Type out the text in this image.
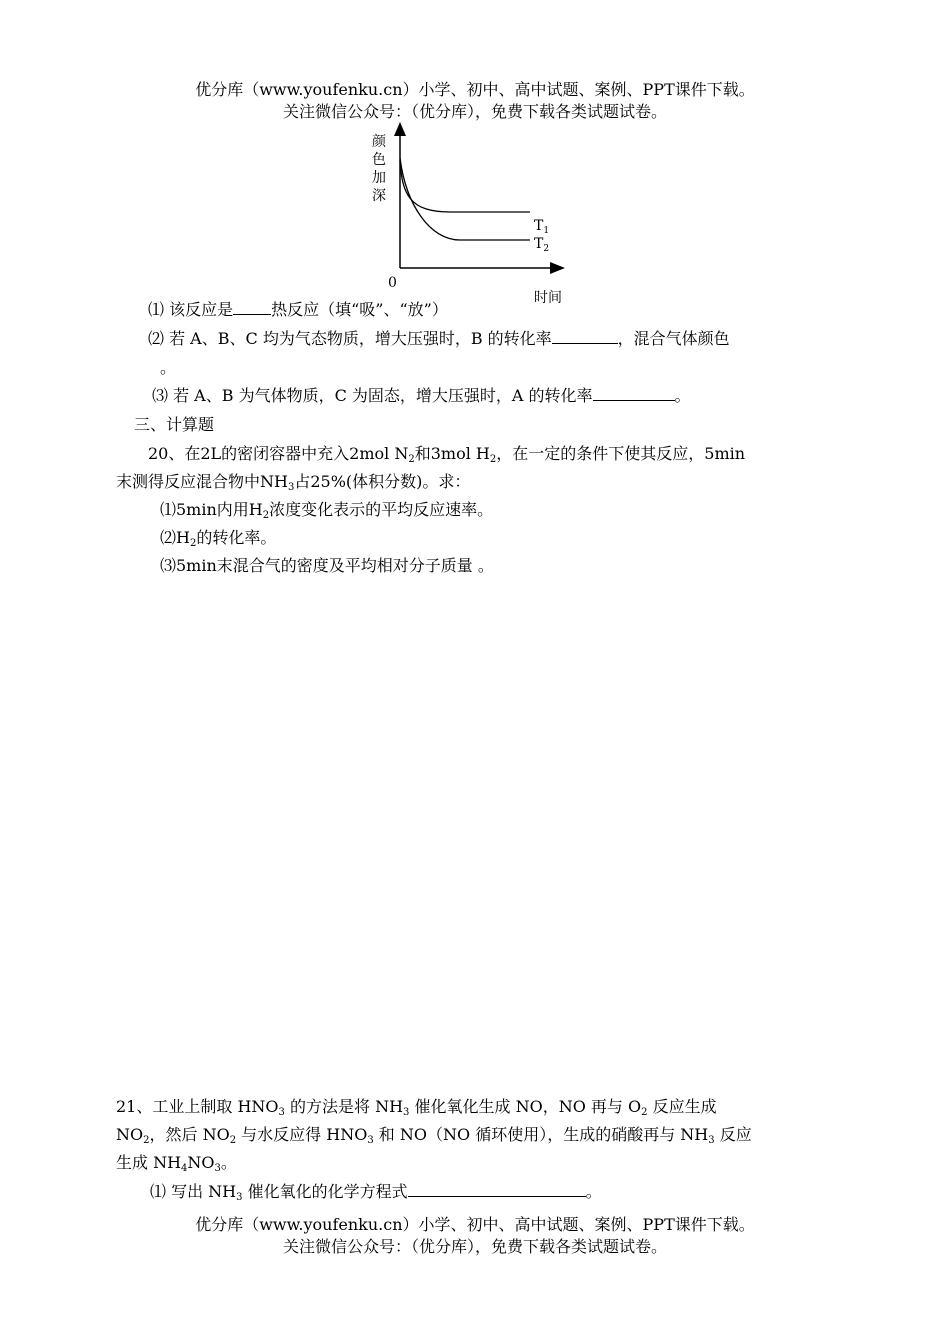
优分库（www.youfenku.cn）小学、初中、高中试题、案例、PPT课件下载。
关注微信公众号：（优分库），免费下载各类试题试卷。
颜
色
加
深
$T_1$
$T_2$
0
时间
⑴ 该反应是 热反应（填“吸”、“放”）
⑵ 若 A、B、C 均为气态物质，增大压强时，B 的转化率	，混合气体颜色
。
⑶ 若 A、B 为气体物质，C 为固态，增大压强时，A 的转化率	。
三、计算题
20、在2L的密闭容器中充入2mol $N_2$和3mol $H_2$，在一定的条件下使其反应，5min
末测得反应混合物中$NH_3$占25%(体积分数)。求：
⑴5min内用$H_2$浓度变化表示的平均反应速率。
$⑵H_2$的转化率。
⑶5min末混合气的密度及平均相对分子质量 。
21、工业上制取 $HNO_3$ 的方法是将 $NH_3$ 催化氧化生成 NO，NO 再与 $O_2$ 反应生成
$NO_2$，然后 $NO_2$ 与水反应得 $HNO_3$ 和 NO（NO 循环使用），生成的硝酸再与 $NH_3$ 反应
生成 $NH_4NO_3$。
⑴ 写出 $NH_3$ 催化氧化的化学方程式	。
优分库（www.youfenku.cn）小学、初中、高中试题、案例、PPT课件下载。
关注微信公众号：（优分库），免费下载各类试题试卷。
